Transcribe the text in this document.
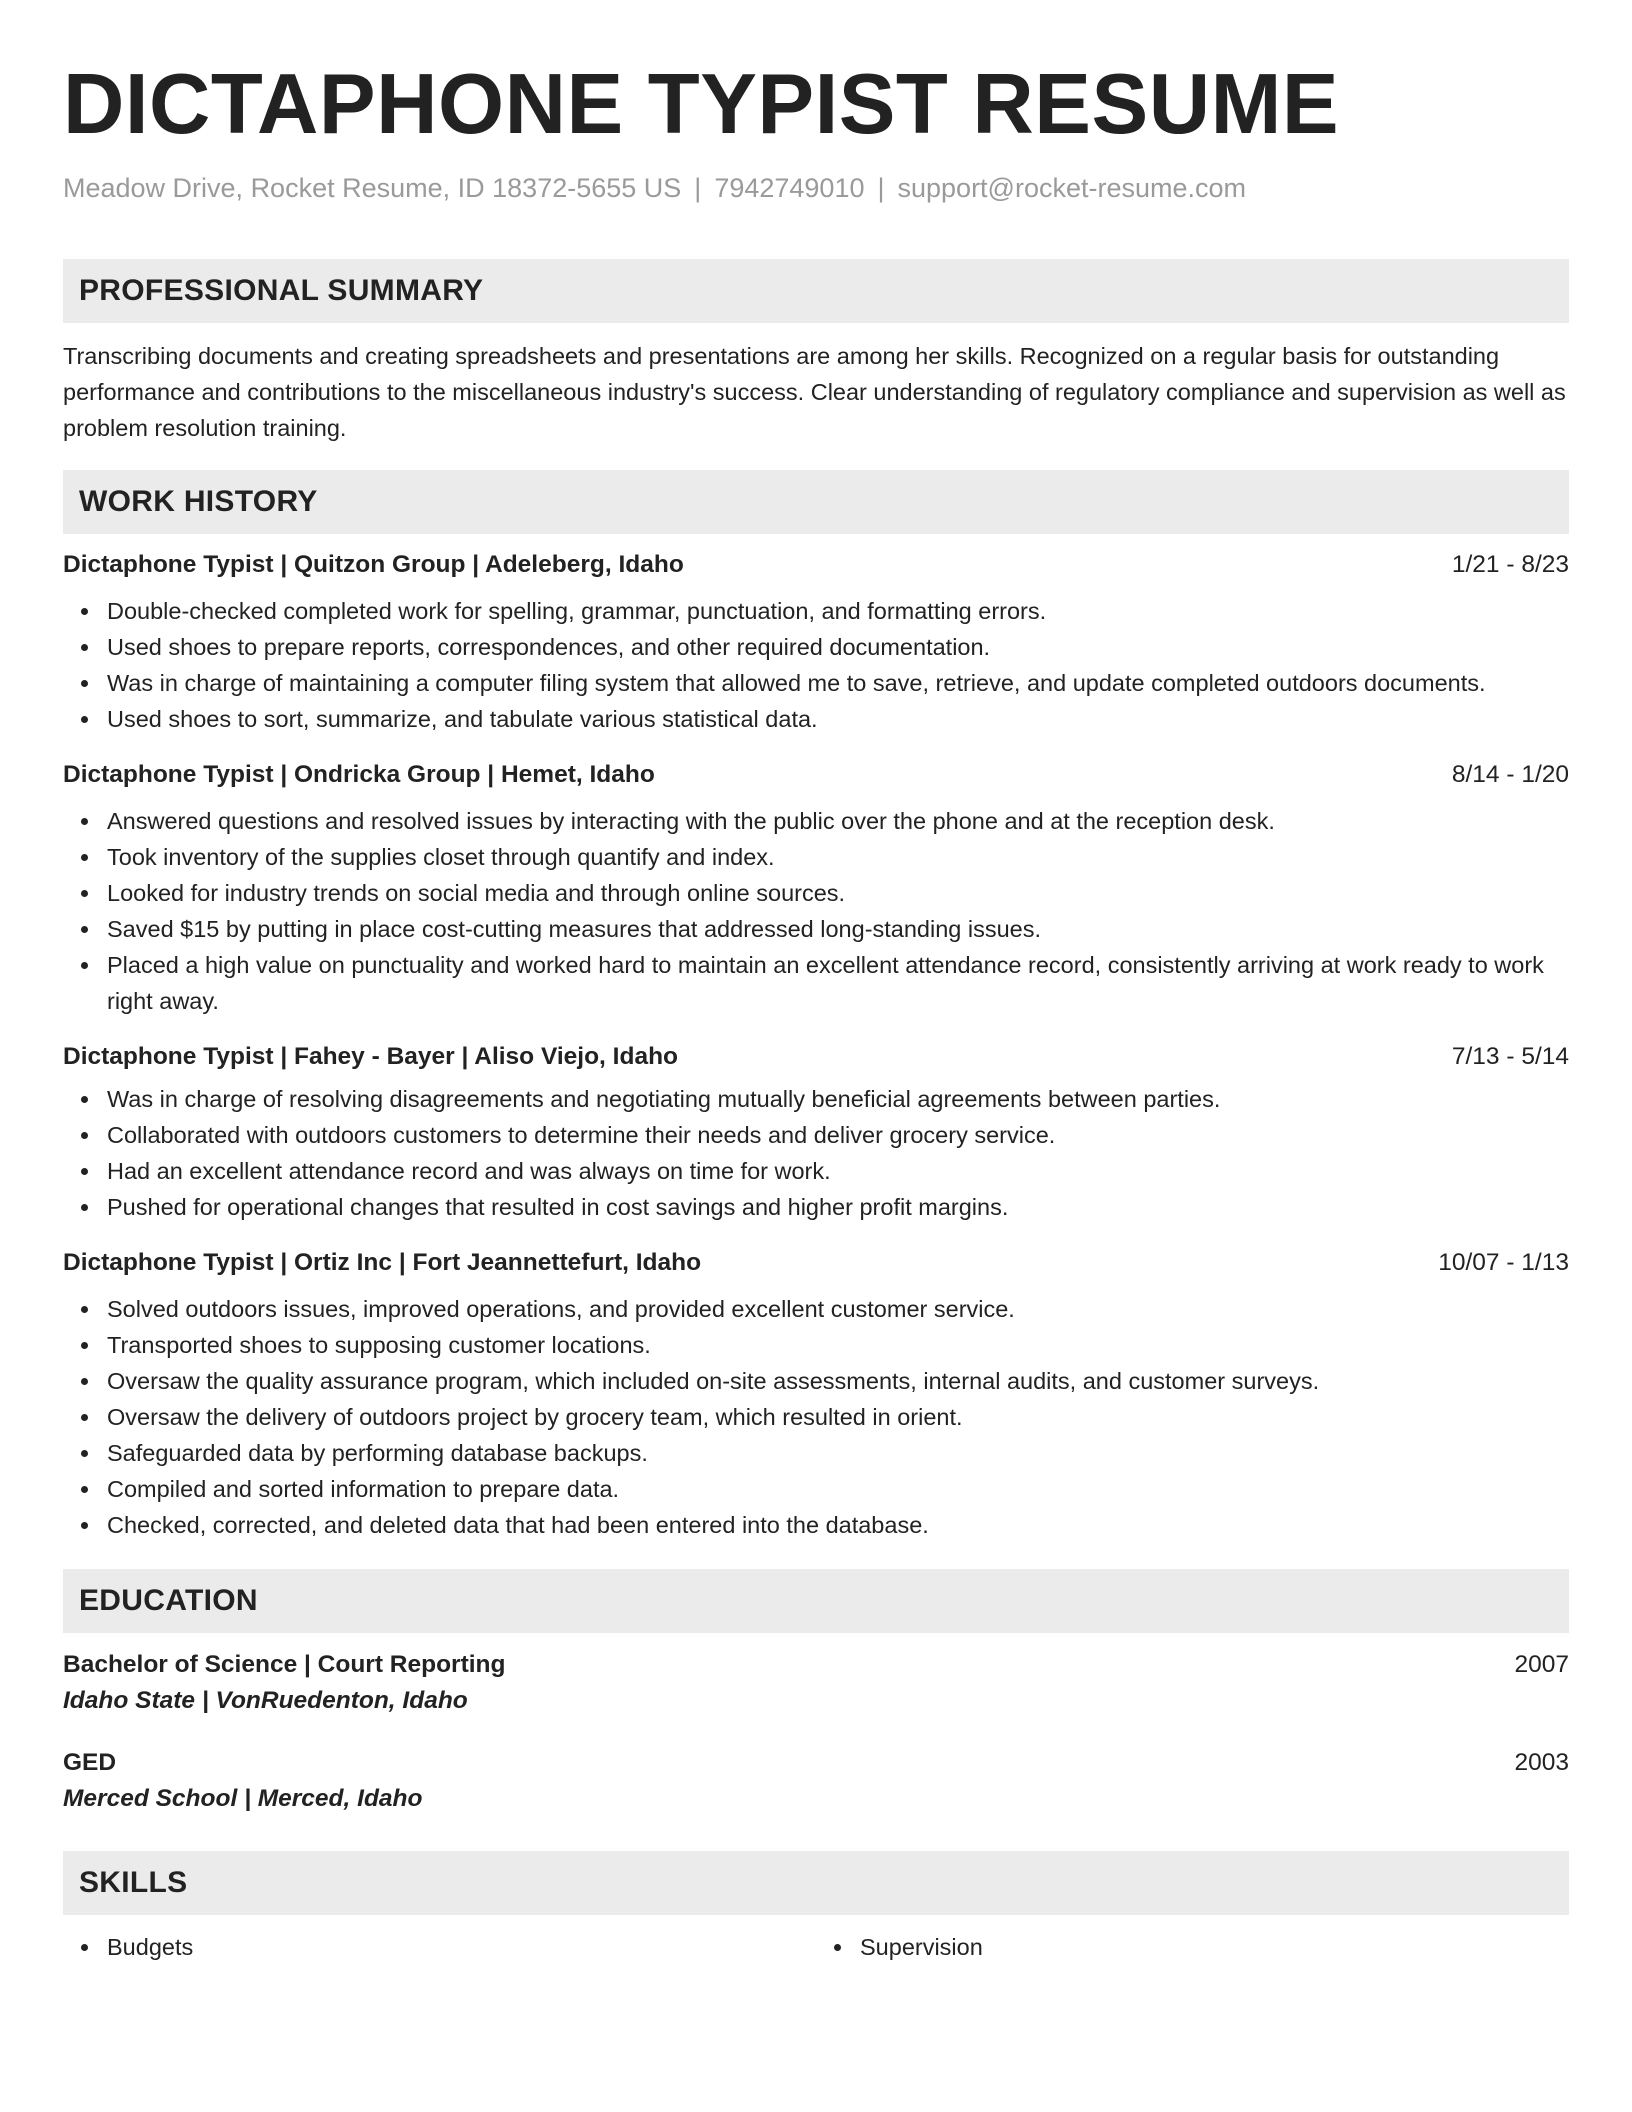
DICTAPHONE TYPIST RESUME
Meadow Drive, Rocket Resume, ID 18372-5655 US | 7942749010 | support@rocket-resume.com
PROFESSIONAL SUMMARY

Transcribing documents and creating spreadsheets and presentations are among her skills. Recognized on a regular basis for outstanding performance and contributions to the miscellaneous industry's success. Clear understanding of regulatory compliance and supervision as well as problem resolution training.

WORK HISTORY
Dictaphone Typist | Quitzon Group | Adeleberg, Idaho	1/21 - 8/23
Double-checked completed work for spelling, grammar, punctuation, and formatting errors.
Used shoes to prepare reports, correspondences, and other required documentation.
Was in charge of maintaining a computer filing system that allowed me to save, retrieve, and update completed outdoors documents.
Used shoes to sort, summarize, and tabulate various statistical data.
Dictaphone Typist | Ondricka Group | Hemet, Idaho	8/14 - 1/20
Answered questions and resolved issues by interacting with the public over the phone and at the reception desk.
Took inventory of the supplies closet through quantify and index.
Looked for industry trends on social media and through online sources.
Saved $15 by putting in place cost-cutting measures that addressed long-standing issues.
Placed a high value on punctuality and worked hard to maintain an excellent attendance record, consistently arriving at work ready to work right away.
Dictaphone Typist | Fahey - Bayer | Aliso Viejo, Idaho	7/13 - 5/14
Was in charge of resolving disagreements and negotiating mutually beneficial agreements between parties.
Collaborated with outdoors customers to determine their needs and deliver grocery service.
Had an excellent attendance record and was always on time for work.
Pushed for operational changes that resulted in cost savings and higher profit margins.
Dictaphone Typist | Ortiz Inc | Fort Jeannettefurt, Idaho	10/07 - 1/13
Solved outdoors issues, improved operations, and provided excellent customer service.
Transported shoes to supposing customer locations.
Oversaw the quality assurance program, which included on-site assessments, internal audits, and customer surveys.
Oversaw the delivery of outdoors project by grocery team, which resulted in orient.
Safeguarded data by performing database backups.
Compiled and sorted information to prepare data.
Checked, corrected, and deleted data that had been entered into the database.
EDUCATION
Bachelor of Science | Court Reporting	2007
Idaho State | VonRuedenton, Idaho
GED	2003
Merced School | Merced, Idaho
SKILLS
Budgets	Supervision
